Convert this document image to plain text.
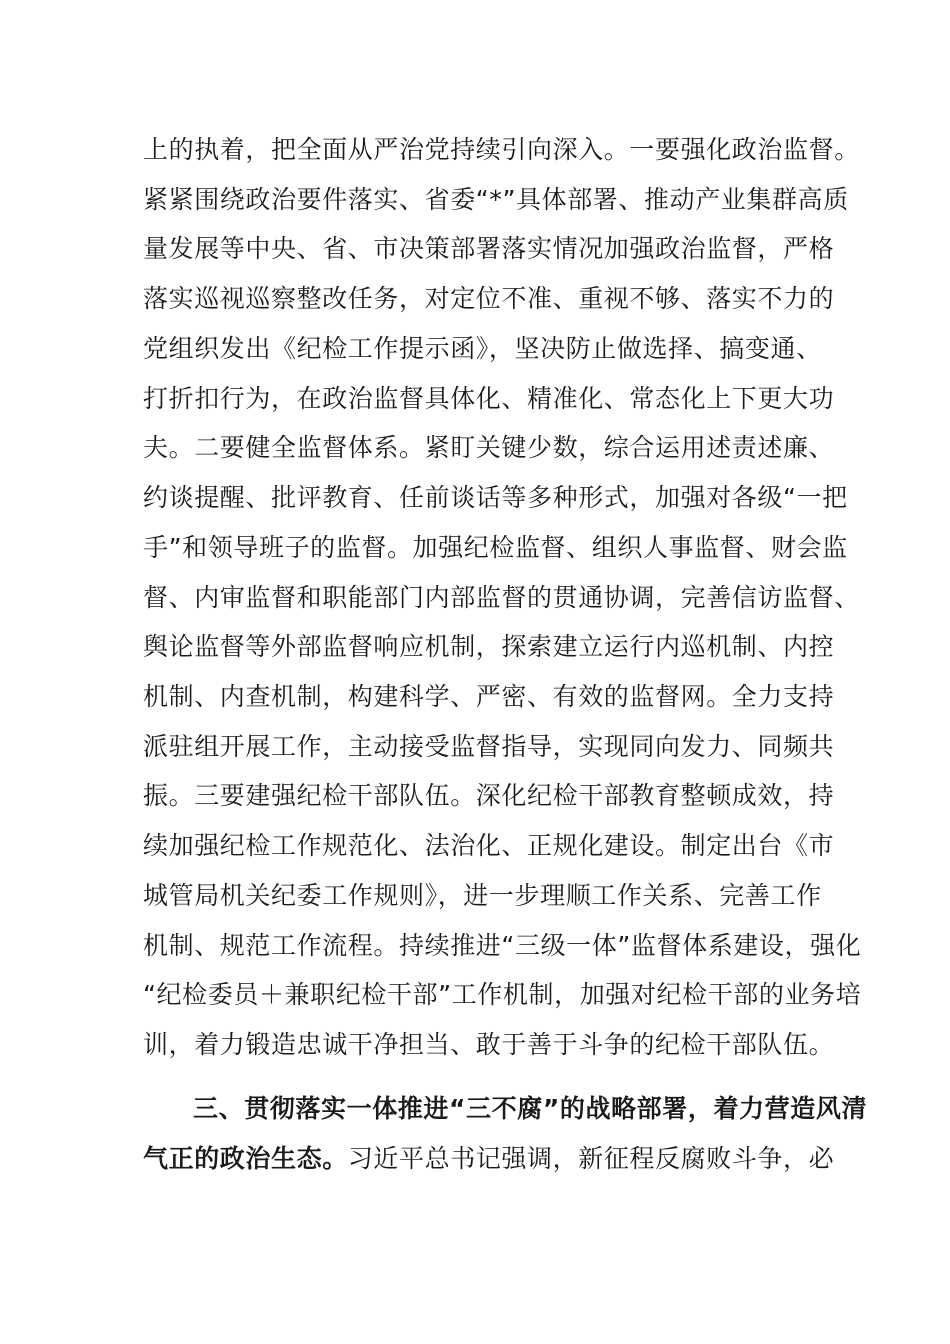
上的执着，把全面从严治党持续引向深入。一要强化政治监督。
紧紧围绕政治要件落实、省委“*”具体部署、推动产业集群高质
量发展等中央、省、市决策部署落实情况加强政治监督，严格
落实巡视巡察整改任务，对定位不准、重视不够、落实不力的
党组织发出《纪检工作提示函》，坚决防止做选择、搞变通、
打折扣行为，在政治监督具体化、精准化、常态化上下更大功
夫。二要健全监督体系。紧盯关键少数，综合运用述责述廉、
约谈提醒、批评教育、任前谈话等多种形式，加强对各级“一把
手”和领导班子的监督。加强纪检监督、组织人事监督、财会监
督、内审监督和职能部门内部监督的贯通协调，完善信访监督、
舆论监督等外部监督响应机制，探索建立运行内巡机制、内控
机制、内查机制，构建科学、严密、有效的监督网。全力支持
派驻组开展工作，主动接受监督指导，实现同向发力、同频共
振。三要建强纪检干部队伍。深化纪检干部教育整顿成效，持
续加强纪检工作规范化、法治化、正规化建设。制定出台《市
城管局机关纪委工作规则》，进一步理顺工作关系、完善工作
机制、规范工作流程。持续推进“三级一体”监督体系建设，强化
“纪检委员＋兼职纪检干部”工作机制，加强对纪检干部的业务培
训，着力锻造忠诚干净担当、敢于善于斗争的纪检干部队伍。
三、贯彻落实一体推进“三不腐”的战略部署，着力营造风清
气正的政治生态。习近平总书记强调，新征程反腐败斗争，必
